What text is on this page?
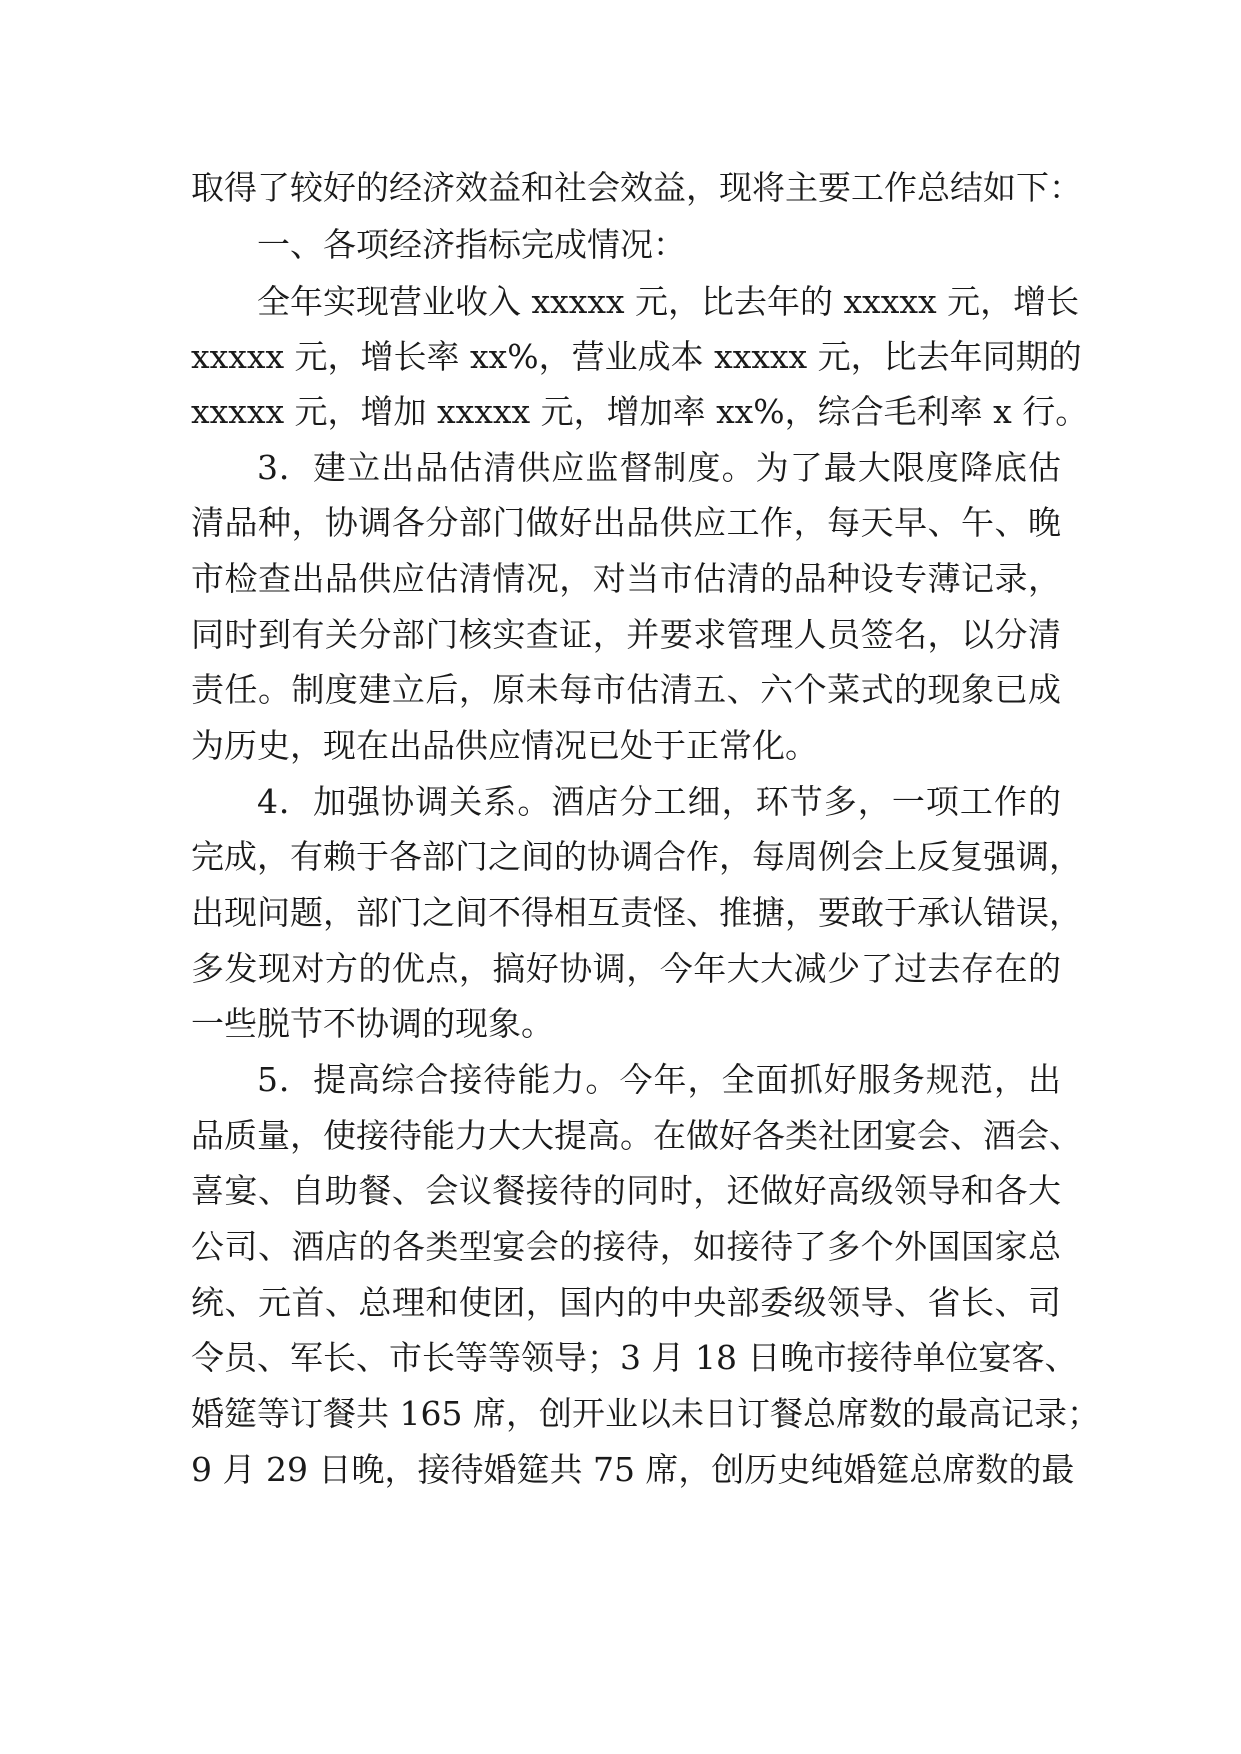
取得了较好的经济效益和社会效益，现将主要工作总结如下：
一、各项经济指标完成情况：
全年实现营业收入 xxxxx 元，比去年的 xxxxx 元，增长
xxxxx 元，增长率 xx%，营业成本 xxxxx 元，比去年同期的
xxxxx 元，增加 xxxxx 元，增加率 xx%，综合毛利率 x 行。
3．建立出品估清供应监督制度。为了最大限度降底估
清品种，协调各分部门做好出品供应工作，每天早、午、晚
市检查出品供应估清情况，对当市估清的品种设专薄记录，
同时到有关分部门核实查证，并要求管理人员签名，以分清
责任。制度建立后，原未每市估清五、六个菜式的现象已成
为历史，现在出品供应情况已处于正常化。
4．加强协调关系。酒店分工细，环节多，一项工作的
完成，有赖于各部门之间的协调合作，每周例会上反复强调，
出现问题，部门之间不得相互责怪、推搪，要敢于承认错误，
多发现对方的优点，搞好协调，今年大大减少了过去存在的
一些脱节不协调的现象。
5．提高综合接待能力。今年，全面抓好服务规范，出
品质量，使接待能力大大提高。在做好各类社团宴会、酒会、
喜宴、自助餐、会议餐接待的同时，还做好高级领导和各大
公司、酒店的各类型宴会的接待，如接待了多个外国国家总
统、元首、总理和使团，国内的中央部委级领导、省长、司
令员、军长、市长等等领导；3 月 18 日晚市接待单位宴客、
婚筵等订餐共 165 席，创开业以未日订餐总席数的最高记录；
9 月 29 日晚，接待婚筵共 75 席，创历史纯婚筵总席数的最
